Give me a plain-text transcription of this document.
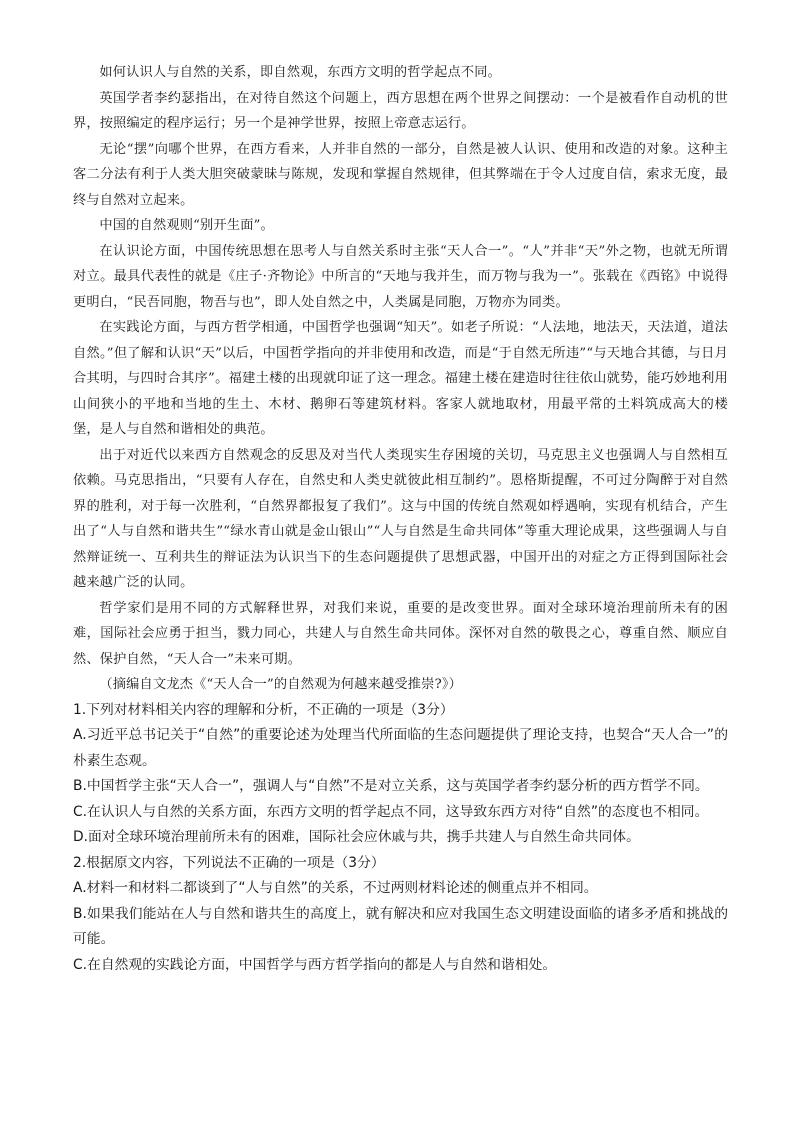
如何认识人与自然的关系，即自然观，东西方文明的哲学起点不同。

英国学者李约瑟指出，在对待自然这个问题上，西方思想在两个世界之间摆动：一个是被看作自动机的世界，按照编定的程序运行；另一个是神学世界，按照上帝意志运行。

无论“摆”向哪个世界，在西方看来，人并非自然的一部分，自然是被人认识、使用和改造的对象。这种主客二分法有利于人类大胆突破蒙昧与陈规，发现和掌握自然规律，但其弊端在于令人过度自信，索求无度，最终与自然对立起来。

中国的自然观则“别开生面”。

在认识论方面，中国传统思想在思考人与自然关系时主张“天人合一”。“人”并非“天”外之物，也就无所谓对立。最具代表性的就是《庄子·齐物论》中所言的“天地与我并生，而万物与我为一”。张载在《西铭》中说得更明白，“民吾同胞，物吾与也”，即人处自然之中，人类属是同胞，万物亦为同类。

在实践论方面，与西方哲学相通，中国哲学也强调“知天”。如老子所说：“人法地，地法天，天法道，道法自然。”但了解和认识“天”以后，中国哲学指向的并非使用和改造，而是“于自然无所违”“与天地合其德，与日月合其明，与四时合其序”。福建土楼的出现就印证了这一理念。福建土楼在建造时往往依山就势，能巧妙地利用山间狭小的平地和当地的生土、木材、鹅卵石等建筑材料。客家人就地取材，用最平常的土料筑成高大的楼堡，是人与自然和谐相处的典范。

出于对近代以来西方自然观念的反思及对当代人类现实生存困境的关切，马克思主义也强调人与自然相互依赖。马克思指出，“只要有人存在，自然史和人类史就彼此相互制约”。恩格斯提醒，不可过分陶醉于对自然界的胜利，对于每一次胜利，“自然界都报复了我们”。这与中国的传统自然观如桴遇响，实现有机结合，产生出了“人与自然和谐共生”“绿水青山就是金山银山”“人与自然是生命共同体”等重大理论成果，这些强调人与自然辩证统一、互利共生的辩证法为认识当下的生态问题提供了思想武器，中国开出的对症之方正得到国际社会越来越广泛的认同。

哲学家们是用不同的方式解释世界，对我们来说，重要的是改变世界。面对全球环境治理前所未有的困难，国际社会应勇于担当，戮力同心，共建人与自然生命共同体。深怀对自然的敬畏之心，尊重自然、顺应自然、保护自然，“天人合一”未来可期。

（摘编自文龙杰《“天人合一”的自然观为何越来越受推崇?》）

1.下列对材料相关内容的理解和分析，不正确的一项是（3分）

A.习近平总书记关于“自然”的重要论述为处理当代所面临的生态问题提供了理论支持，也契合“天人合一”的朴素生态观。

B.中国哲学主张“天人合一”，强调人与“自然”不是对立关系，这与英国学者李约瑟分析的西方哲学不同。

C.在认识人与自然的关系方面，东西方文明的哲学起点不同，这导致东西方对待“自然”的态度也不相同。

D.面对全球环境治理前所未有的困难，国际社会应休戚与共，携手共建人与自然生命共同体。

2.根据原文内容，下列说法不正确的一项是（3分）

A.材料一和材料二都谈到了“人与自然”的关系，不过两则材料论述的侧重点并不相同。

B.如果我们能站在人与自然和谐共生的高度上，就有解决和应对我国生态文明建设面临的诸多矛盾和挑战的可能。

C.在自然观的实践论方面，中国哲学与西方哲学指向的都是人与自然和谐相处。
